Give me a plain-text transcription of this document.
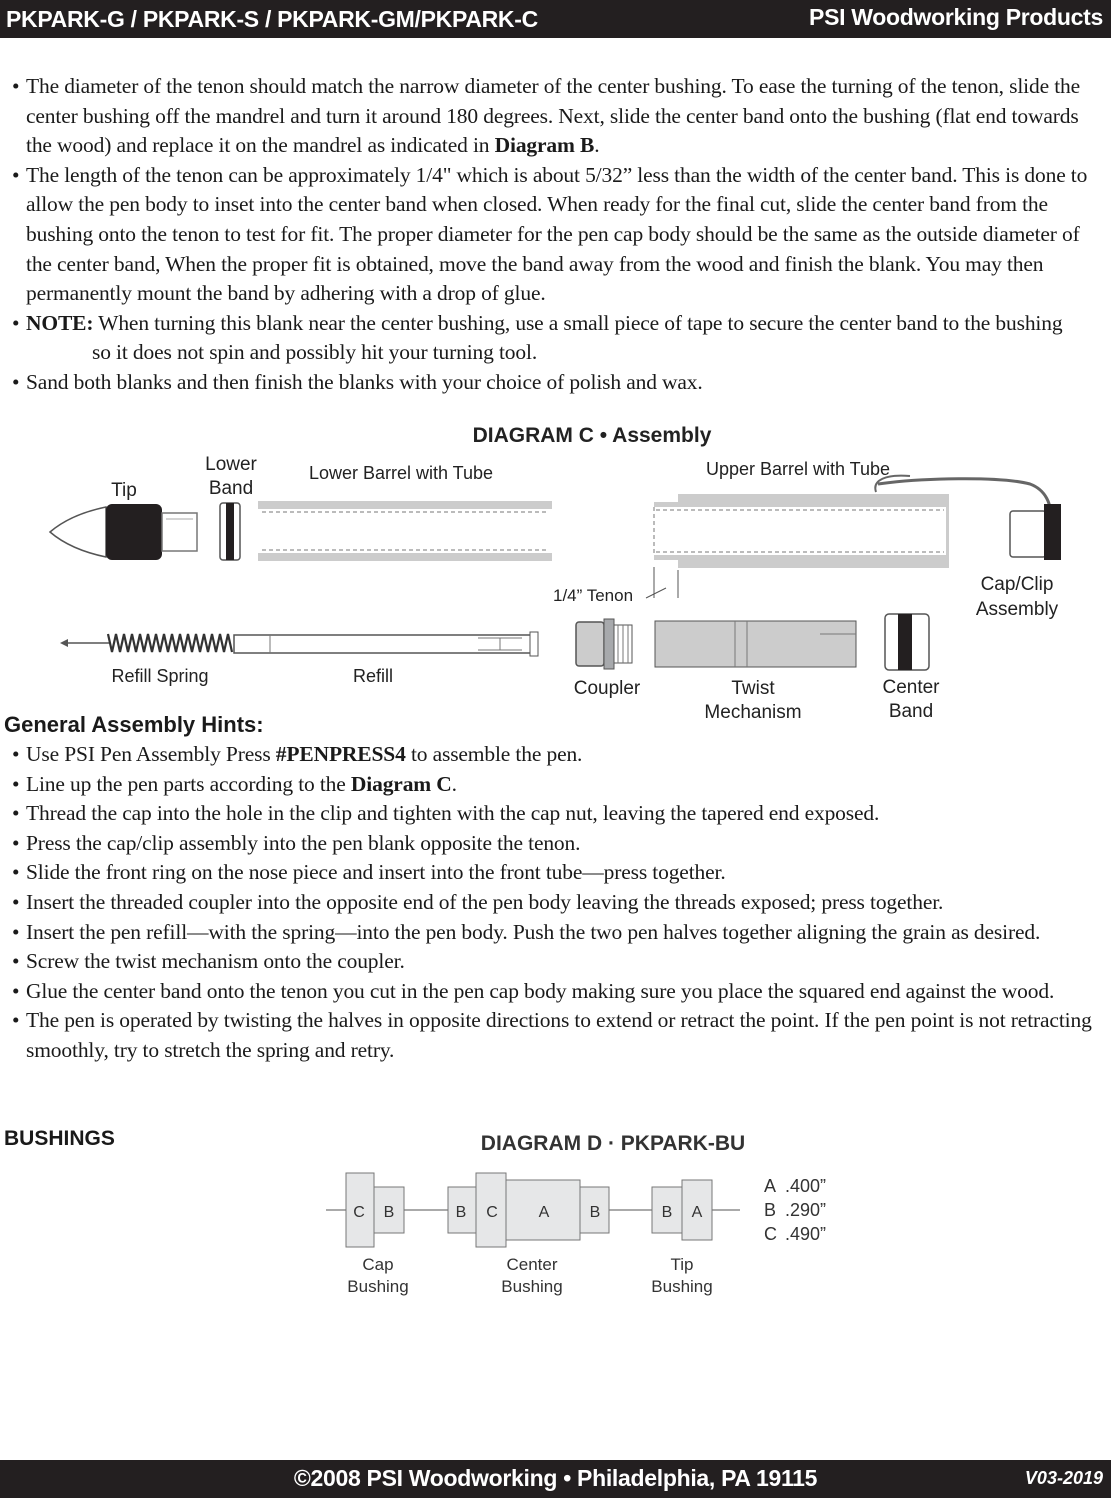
PKPARK-G / PKPARK-S / PKPARK-GM/PKPARK-C	PSI Woodworking Products
• The diameter of the tenon should match the narrow diameter of the center bushing. To ease the turning of the tenon, slide the center bushing off the mandrel and turn it around 180 degrees. Next, slide the center band onto the bushing (flat end towards the wood) and replace it on the mandrel as indicated in Diagram B.
• The length of the tenon can be approximately 1/4" which is about 5/32” less than the width of the center band. This is done to allow the pen body to inset into the center band when closed. When ready for the final cut, slide the center band from the bushing onto the tenon to test for fit. The proper diameter for the pen cap body should be the same as the outside diameter of the center band, When the proper fit is obtained, move the band away from the wood and finish the blank. You may then permanently mount the band by adhering with a drop of glue.
• NOTE: When turning this blank near the center bushing, use a small piece of tape to secure the center band to the bushing
so it does not spin and possibly hit your turning tool.
• Sand both blanks and then finish the blanks with your choice of polish and wax.
DIAGRAM C • Assembly
Tip
Lower Band
Lower Barrel with Tube	Upper Barrel with Tube
1/4” Tenon
Cap/Clip Assembly
Refill Spring	Refill
Coupler	Twist Mechanism
Center Band
General Assembly Hints:
• Use PSI Pen Assembly Press #PENPRESS4 to assemble the pen.
• Line up the pen parts according to the Diagram C.
• Thread the cap into the hole in the clip and tighten with the cap nut, leaving the tapered end exposed.
• Press the cap/clip assembly into the pen blank opposite the tenon.
• Slide the front ring on the nose piece and insert into the front tube—press together.
• Insert the threaded coupler into the opposite end of the pen body leaving the threads exposed; press together.
• Insert the pen refill—with the spring—into the pen body. Push the two pen halves together aligning the grain as desired.
• Screw the twist mechanism onto the coupler.
• Glue the center band onto the tenon you cut in the pen cap body making sure you place the squared end against the wood.
• The pen is operated by twisting the halves in opposite directions to extend or retract the point. If the pen point is not retracting smoothly, try to stretch the spring and retry.
BUSHINGS	DIAGRAM D · PKPARK-BU
C B
Cap Bushing
B C	A	B
Center Bushing
B A
Tip Bushing
A .400”
B .290”
C .490”
©2008 PSI Woodworking • Philadelphia, PA 19115	V03-2019
